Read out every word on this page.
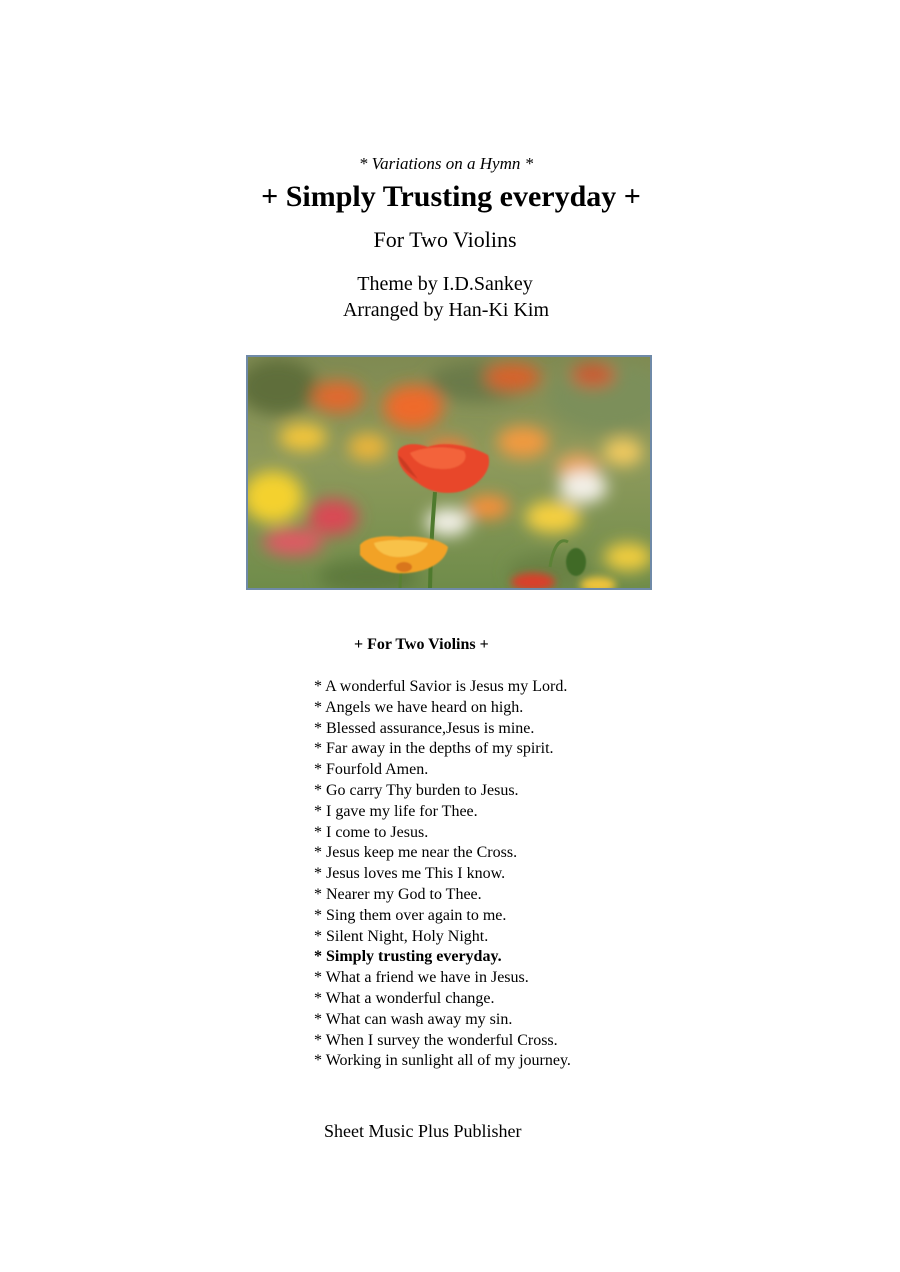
* Variations on a Hymn *
+ Simply Trusting everyday +
For Two Violins
Theme by I.D.Sankey
Arranged by Han-Ki Kim
+ For Two Violins +
* A wonderful Savior is Jesus my Lord.
* Angels we have heard on high.
* Blessed assurance,Jesus is mine.
* Far away in the depths of my spirit.
* Fourfold Amen.
* Go carry Thy burden to Jesus.
* I gave my life for Thee.
* I come to Jesus.
* Jesus keep me near the Cross.
* Jesus loves me This I know.
* Nearer my God to Thee.
* Sing them over again to me.
* Silent Night, Holy Night.
* Simply trusting everyday.
* What a friend we have in Jesus.
* What a wonderful change.
* What can wash away my sin.
* When I survey the wonderful Cross.
* Working in sunlight all of my journey.
Sheet Music Plus Publisher
